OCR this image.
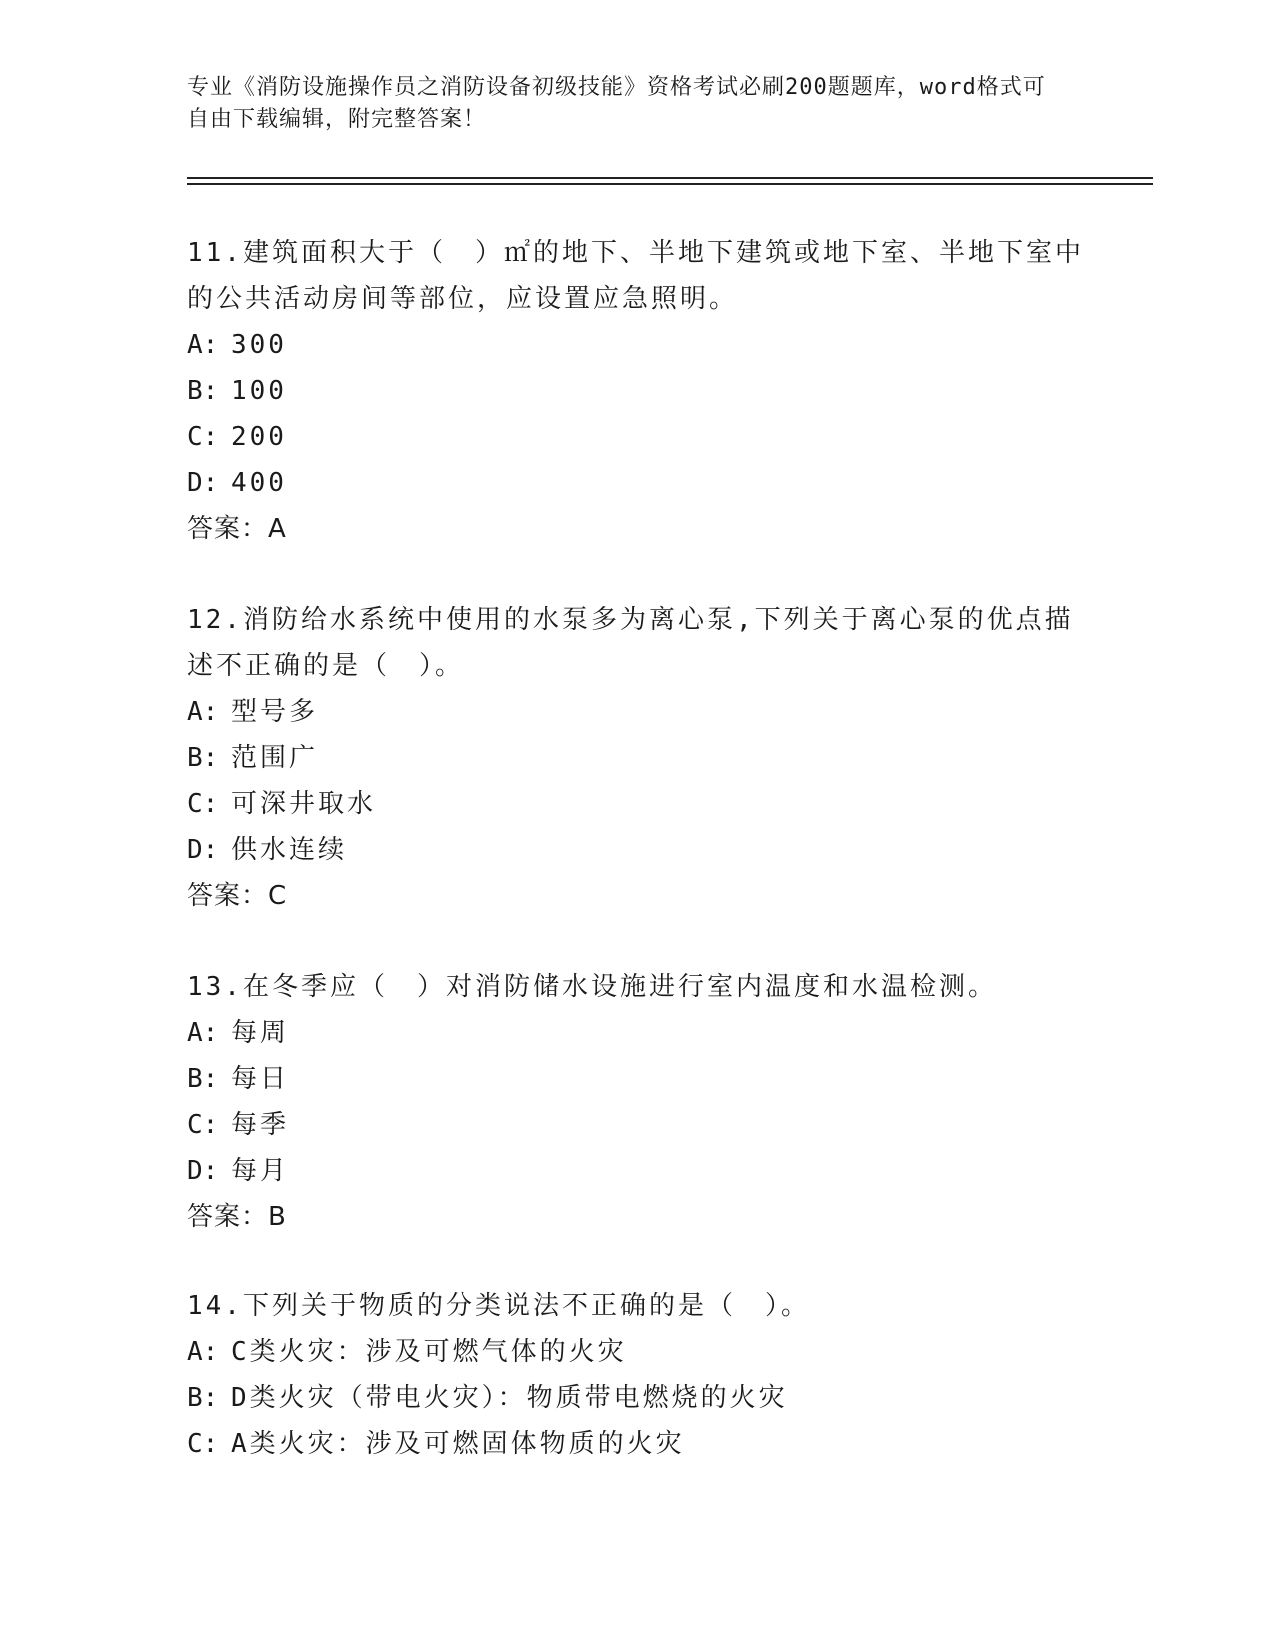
专业《消防设施操作员之消防设备初级技能》资格考试必刷200题题库，word格式可自由下载编辑，附完整答案！

11.建筑面积大于（　）㎡的地下、半地下建筑或地下室、半地下室中的公共活动房间等部位，应设置应急照明。

A: 300

B: 100

C: 200

D: 400

答案：A

12.消防给水系统中使用的水泵多为离心泵,下列关于离心泵的优点描述不正确的是（　）。

A: 型号多

B: 范围广

C: 可深井取水

D: 供水连续

答案：C

13.在冬季应（　）对消防储水设施进行室内温度和水温检测。

A: 每周

B: 每日

C: 每季

D: 每月

答案：B

14.下列关于物质的分类说法不正确的是（　）。

A: C类火灾：涉及可燃气体的火灾

B: D类火灾（带电火灾）：物质带电燃烧的火灾

C: A类火灾：涉及可燃固体物质的火灾
